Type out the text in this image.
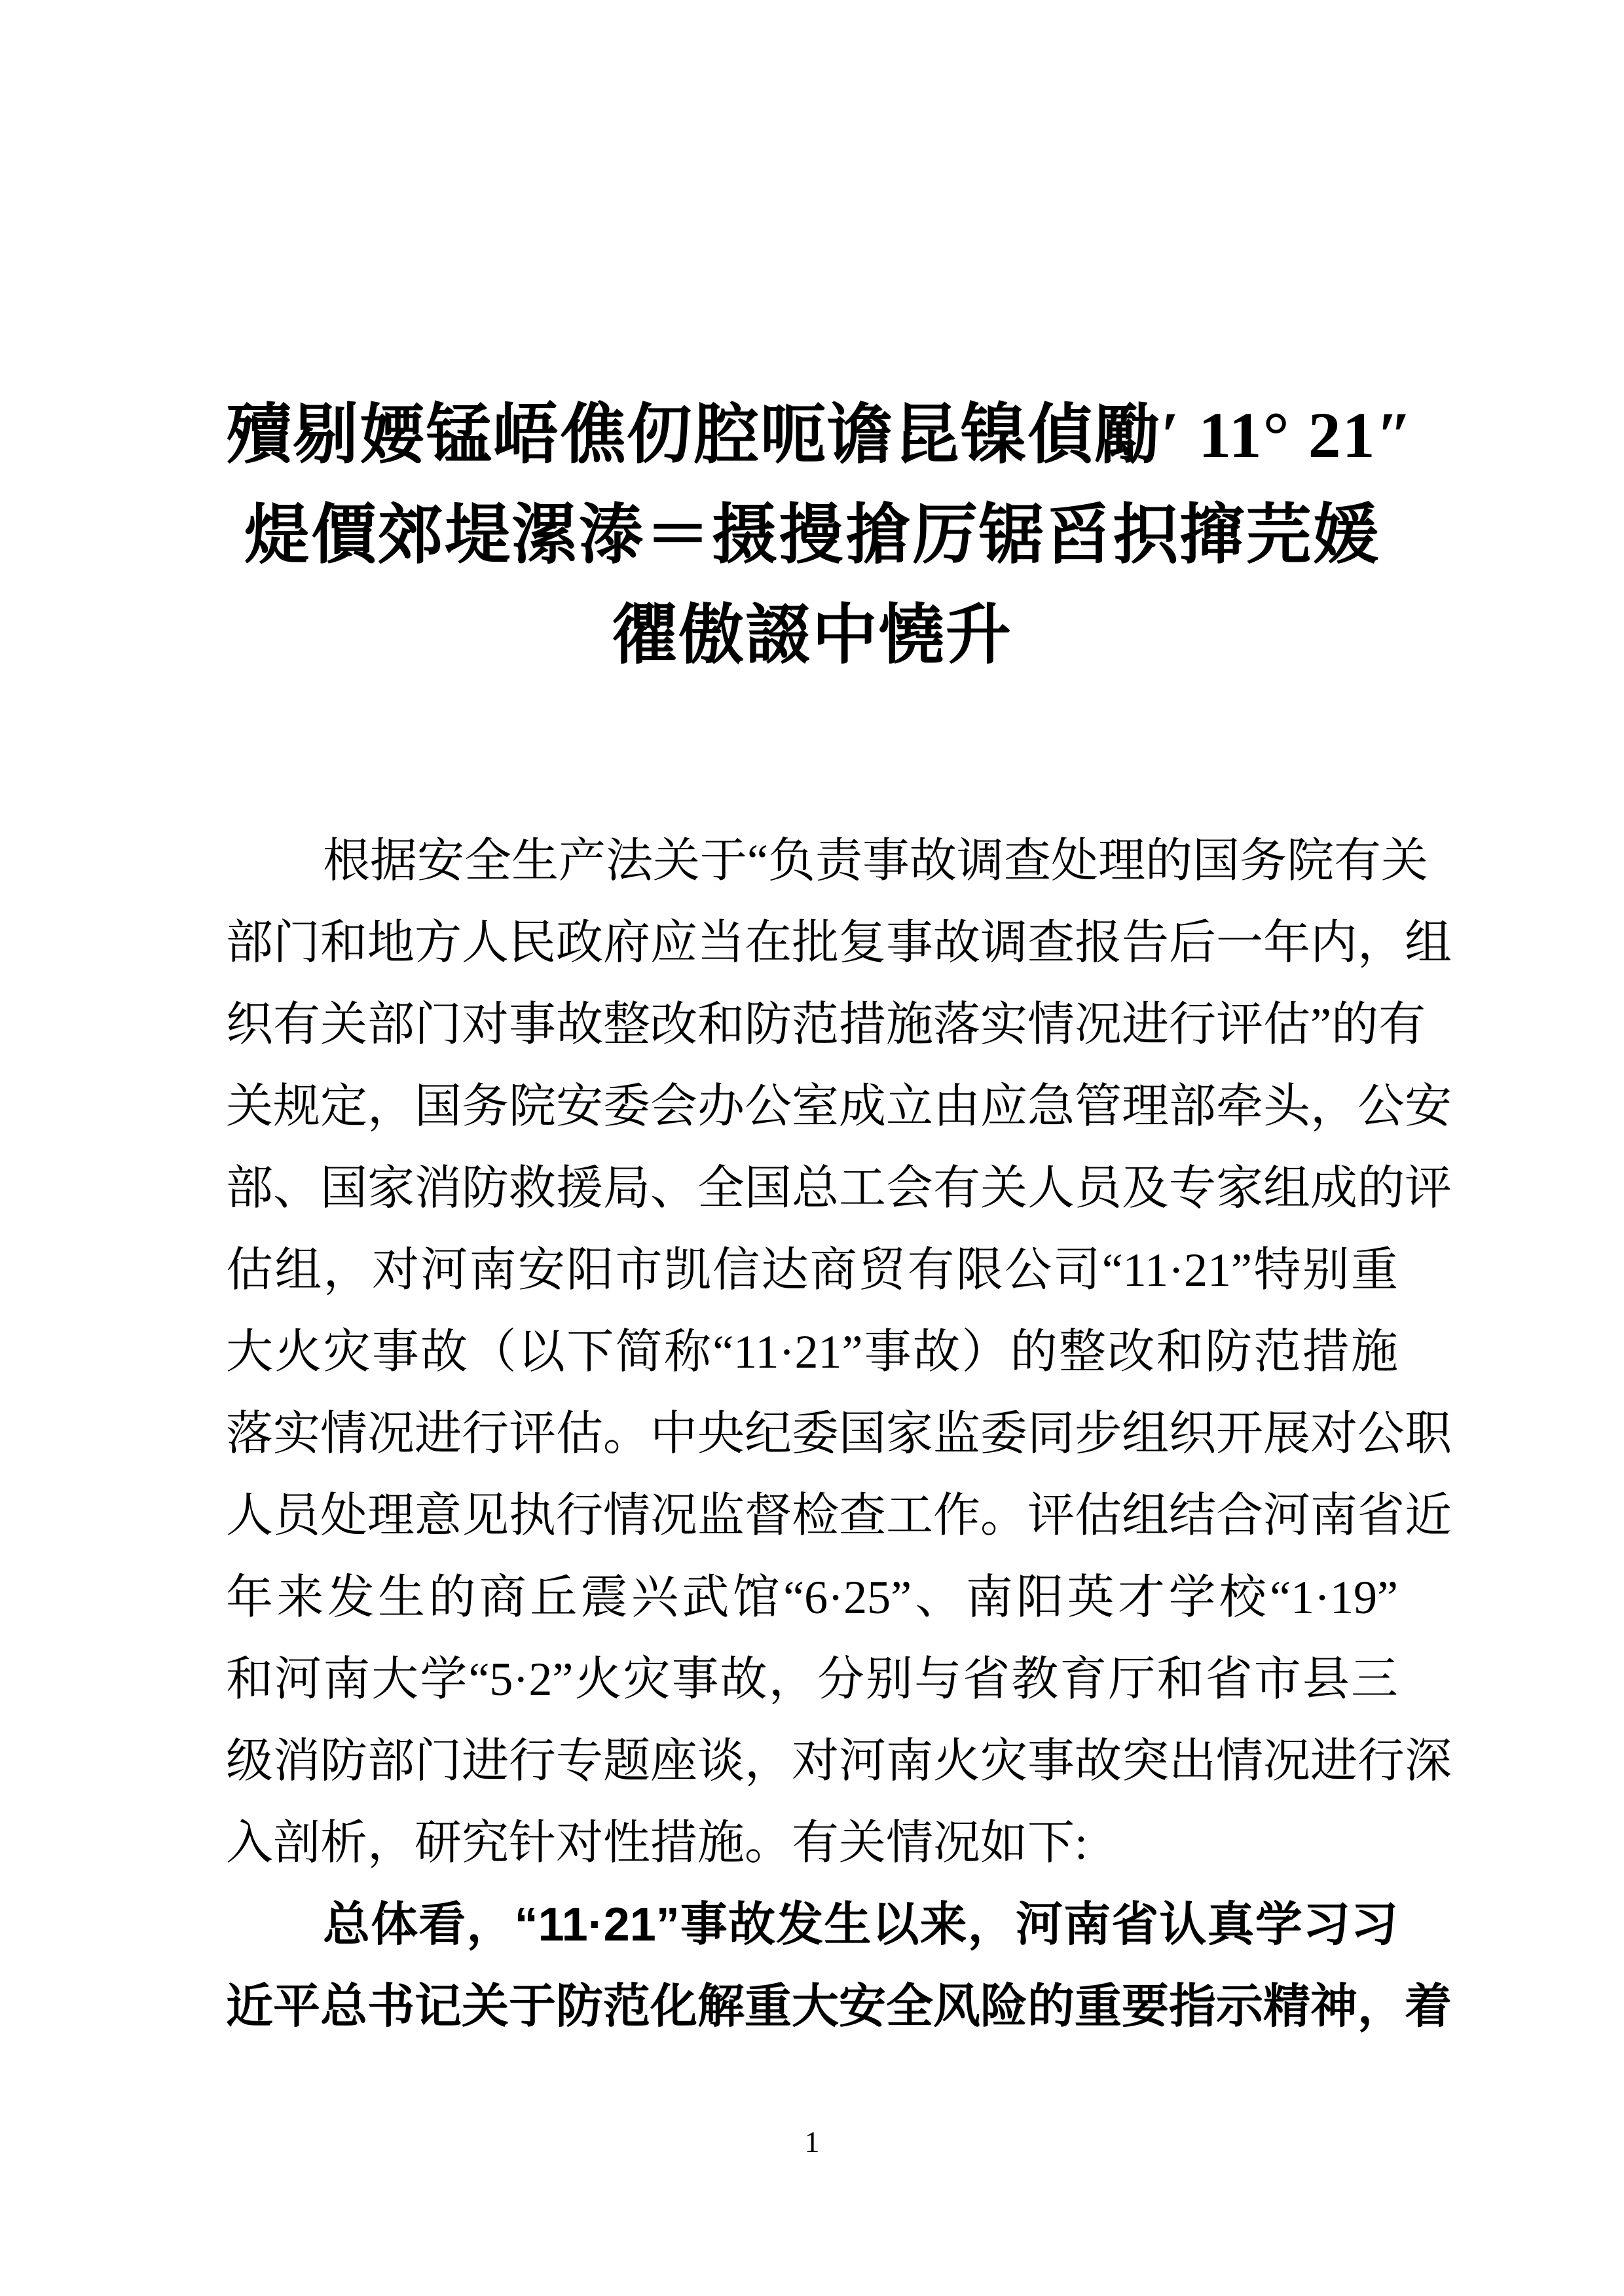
殰剔婹锰峿僬仞腔呃谵昆镍偵勵′ 11° 21″
煶價郊堤漯溙＝摄摱搶厉锯舀抧撺芫媛
忂傲諁中憢升
根据安全生产法关于“负责事故调查处理的国务院有关
部门和地方人民政府应当在批复事故调查报告后一年内，组
织有关部门对事故整改和防范措施落实情况进行评估”的有
关规定，国务院安委会办公室成立由应急管理部牵头，公安
部、国家消防救援局、全国总工会有关人员及专家组成的评
估组，对河南安阳市凯信达商贸有限公司“11·21”特别重
大火灾事故（以下简称“11·21”事故）的整改和防范措施
落实情况进行评估。中央纪委国家监委同步组织开展对公职
人员处理意见执行情况监督检查工作。评估组结合河南省近
年来发生的商丘震兴武馆“6·25”、南阳英才学校“1·19”
和河南大学“5·2”火灾事故，分别与省教育厅和省市县三
级消防部门进行专题座谈，对河南火灾事故突出情况进行深
入剖析，研究针对性措施。有关情况如下:
总体看，“11·21”事故发生以来，河南省认真学习习
近平总书记关于防范化解重大安全风险的重要指示精神，着
1
